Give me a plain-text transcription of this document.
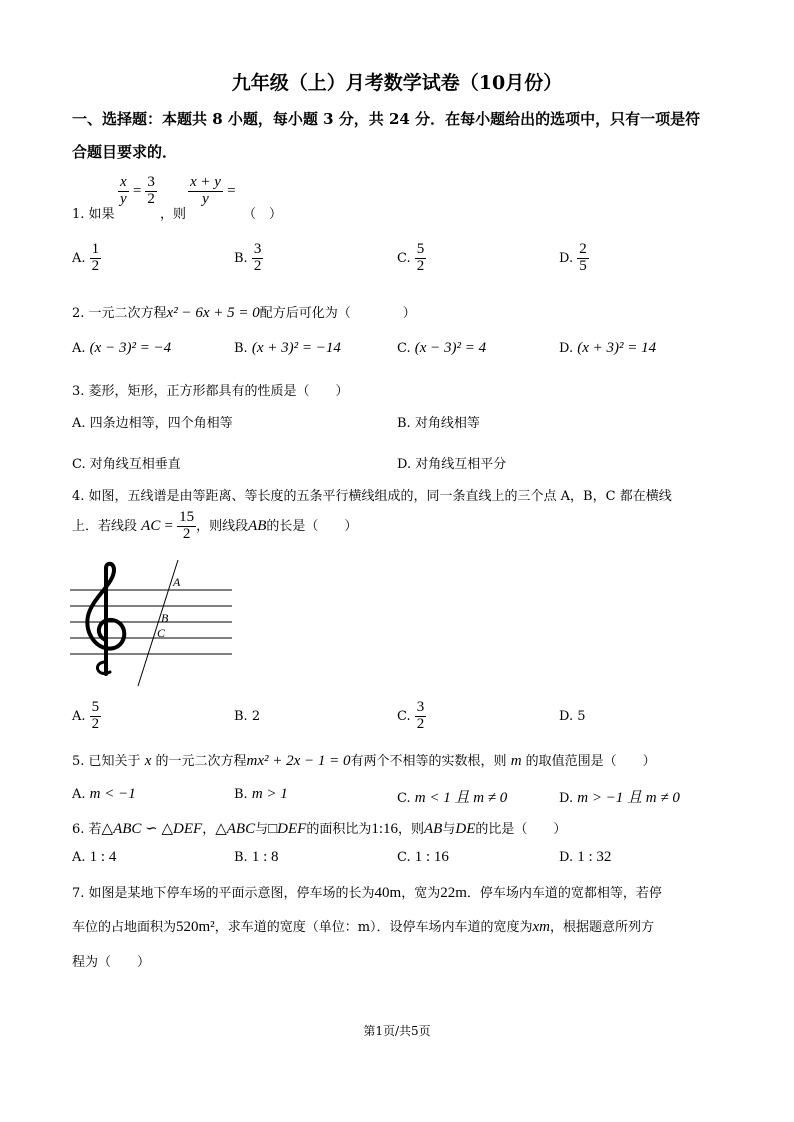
九年级（上）月考数学试卷（10月份）
一、选择题：本题共 8 小题，每小题 3 分，共 24 分．在每小题给出的选项中，只有一项是符
合题目要求的．
1. 如果
$\frac{x}{y} = \frac{3}{2}$
，则
$\frac{x + y}{y}$ =
（　）
A. $\frac{1}{2}$	B. $\frac{3}{2}$	C. $\frac{5}{2}$	D. $\frac{2}{5}$
2. 一元二次方程x² − 6x + 5 = 0配方后可化为（　　　　）
A. (x − 3)² = −4	B. (x + 3)² = −14	C. (x − 3)² = 4	D. (x + 3)² = 14
3. 菱形，矩形，正方形都具有的性质是（　　）
A. 四条边相等，四个角相等	B. 对角线相等
C. 对角线互相垂直	D. 对角线互相平分
4. 如图，五线谱是由等距离、等长度的五条平行横线组成的，同一条直线上的三个点 A，B，C 都在横线
上．若线段 AC = $\frac{15}{2}$ ，则线段AB的长是（　　）
A
B
C
A. $\frac{5}{2}$	B. 2	C. $\frac{3}{2}$	D. 5
5. 已知关于 x 的一元二次方程mx² + 2x − 1 = 0有两个不相等的实数根，则 m 的取值范围是（　　）
A. m < −1	B. m > 1	C. m < 1 且 m ≠ 0	D. m > −1 且 m ≠ 0
6. 若△ABC ∽ △DEF，△ABC与□DEF的面积比为1:16，则AB与DE的比是（　　）
A. 1 : 4	B. 1 : 8	C. 1 : 16	D. 1 : 32
7. 如图是某地下停车场的平面示意图，停车场的长为40m，宽为22m．停车场内车道的宽都相等，若停
车位的占地面积为520m²，求车道的宽度（单位：m）．设停车场内车道的宽度为xm，根据题意所列方
程为（　　）
第1页/共5页
